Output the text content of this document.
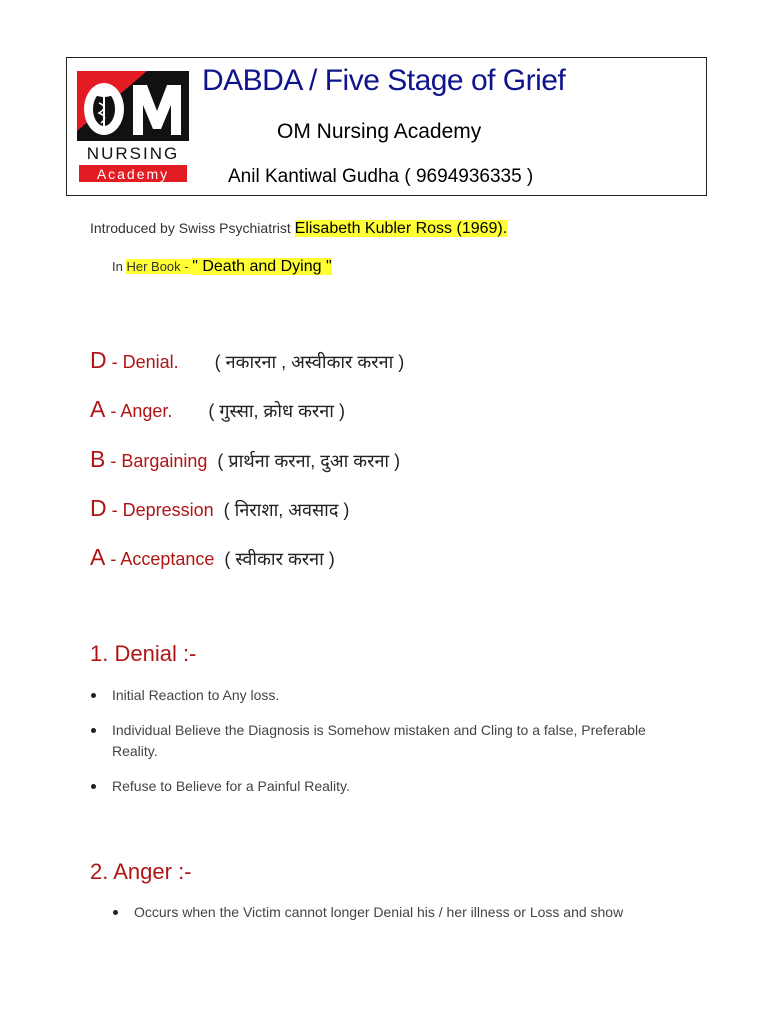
NURSING
Academy
DABDA / Five Stage of Grief
OM Nursing Academy
Anil Kantiwal Gudha ( 9694936335 )
Introduced by Swiss Psychiatrist Elisabeth Kubler Ross (1969).
In Her Book - " Death and Dying "
D - Denial. ( नकारना , अस्वीकार करना )
A - Anger. ( गुस्सा, क्रोध करना )
B - Bargaining ( प्रार्थना करना, दुआ करना )
D - Depression ( निराशा, अवसाद )
A - Acceptance ( स्वीकार करना )
1. Denial :-
Initial Reaction to Any loss.
Individual Believe the Diagnosis is Somehow mistaken and Cling to a false, Preferable Reality.
Refuse to Believe for a Painful Reality.
2. Anger :-
Occurs when the Victim cannot longer Denial his / her illness or Loss and show
